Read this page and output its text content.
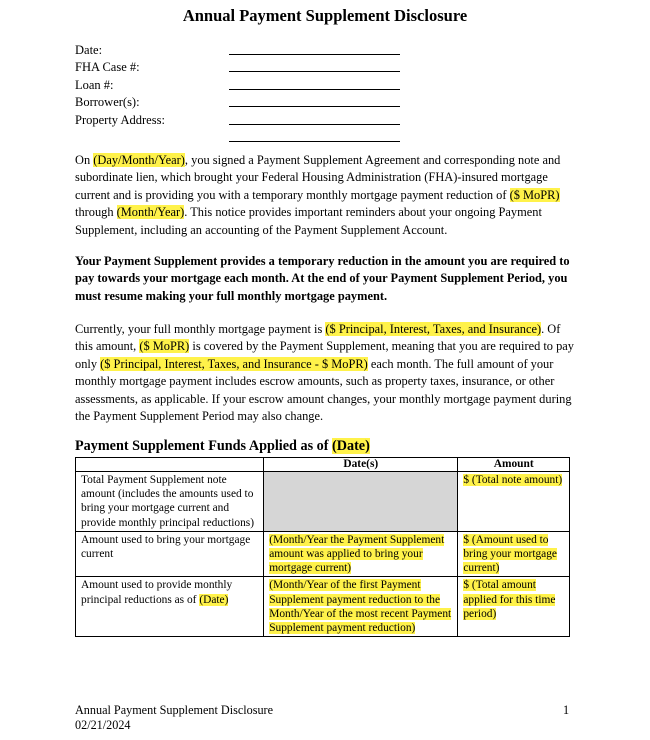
Annual Payment Supplement Disclosure
Date:
FHA Case #:
Loan #:
Borrower(s):
Property Address:
On (Day/Month/Year), you signed a Payment Supplement Agreement and corresponding note and subordinate lien, which brought your Federal Housing Administration (FHA)-insured mortgage current and is providing you with a temporary monthly mortgage payment reduction of ($ MoPR) through (Month/Year). This notice provides important reminders about your ongoing Payment Supplement, including an accounting of the Payment Supplement Account.
Your Payment Supplement provides a temporary reduction in the amount you are required to pay towards your mortgage each month. At the end of your Payment Supplement Period, you must resume making your full monthly mortgage payment.
Currently, your full monthly mortgage payment is ($ Principal, Interest, Taxes, and Insurance). Of this amount, ($ MoPR) is covered by the Payment Supplement, meaning that you are required to pay only ($ Principal, Interest, Taxes, and Insurance - $ MoPR) each month. The full amount of your monthly mortgage payment includes escrow amounts, such as property taxes, insurance, or other assessments, as applicable. If your escrow amount changes, your monthly mortgage payment during the Payment Supplement Period may also change.
Payment Supplement Funds Applied as of (Date)
	Date(s)	Amount
Total Payment Supplement note amount (includes the amounts used to bring your mortgage current and provide monthly principal reductions)		$ (Total note amount)
Amount used to bring your mortgage current	(Month/Year the Payment Supplement amount was applied to bring your mortgage current)	$ (Amount used to bring your mortgage current)
Amount used to provide monthly principal reductions as of (Date)	(Month/Year of the first Payment Supplement payment reduction to the Month/Year of the most recent Payment Supplement payment reduction)	$ (Total amount applied for this time period)
Annual Payment Supplement Disclosure
02/21/2024
1
